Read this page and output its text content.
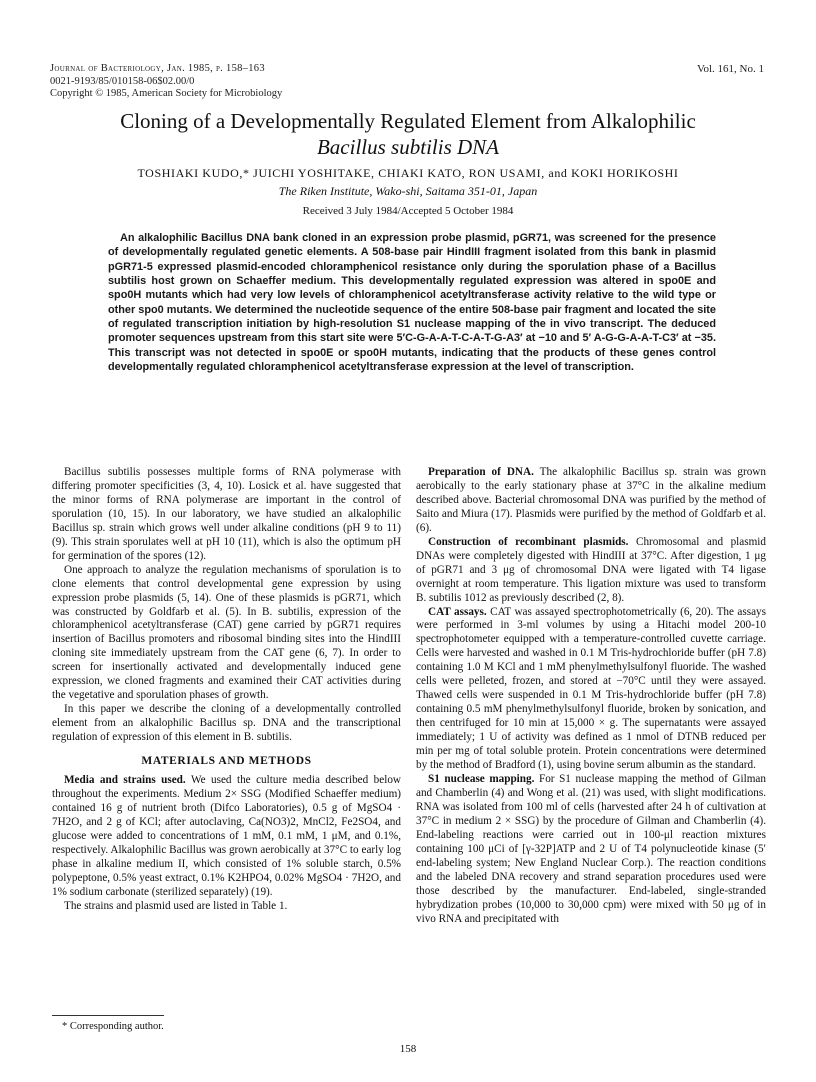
Journal of Bacteriology, Jan. 1985, p. 158–163
0021-9193/85/010158-06$02.00/0
Copyright © 1985, American Society for Microbiology
Vol. 161, No. 1
Cloning of a Developmentally Regulated Element from Alkalophilic
Bacillus subtilis DNA
TOSHIAKI KUDO,* JUICHI YOSHITAKE, CHIAKI KATO, RON USAMI, and KOKI HORIKOSHI
The Riken Institute, Wako-shi, Saitama 351-01, Japan
Received 3 July 1984/Accepted 5 October 1984

An alkalophilic Bacillus DNA bank cloned in an expression probe plasmid, pGR71, was screened for the presence of developmentally regulated genetic elements. A 508-base pair HindIII fragment isolated from this bank in plasmid pGR71-5 expressed plasmid-encoded chloramphenicol resistance only during the sporulation phase of a Bacillus subtilis host grown on Schaeffer medium. This developmentally regulated expression was altered in spo0E and spo0H mutants which had very low levels of chloramphenicol acetyltransferase activity relative to the wild type or other spo0 mutants. We determined the nucleotide sequence of the entire 508-base pair fragment and located the site of regulated transcription initiation by high-resolution S1 nuclease mapping of the in vivo transcript. The deduced promoter sequences upstream from this start site were 5′C-G-A-A-T-C-A-T-G-A3′ at −10 and 5′ A-G-G-A-A-T-C3′ at −35. This transcript was not detected in spo0E or spo0H mutants, indicating that the products of these genes control developmentally regulated chloramphenicol acetyltransferase expression at the level of transcription.

Bacillus subtilis possesses multiple forms of RNA polymerase with differing promoter specificities (3, 4, 10). Losick et al. have suggested that the minor forms of RNA polymerase are important in the control of sporulation (10, 15). In our laboratory, we have studied an alkalophilic Bacillus sp. strain which grows well under alkaline conditions (pH 9 to 11) (9). This strain sporulates well at pH 10 (11), which is also the optimum pH for germination of the spores (12).

One approach to analyze the regulation mechanisms of sporulation is to clone elements that control developmental gene expression by using expression probe plasmids (5, 14). One of these plasmids is pGR71, which was constructed by Goldfarb et al. (5). In B. subtilis, expression of the chloramphenicol acetyltransferase (CAT) gene carried by pGR71 requires insertion of Bacillus promoters and ribosomal binding sites into the HindIII cloning site immediately upstream from the CAT gene (6, 7). In order to screen for insertionally activated and developmentally induced gene expression, we cloned fragments and examined their CAT activities during the vegetative and sporulation phases of growth.

In this paper we describe the cloning of a developmentally controlled element from an alkalophilic Bacillus sp. DNA and the transcriptional regulation of expression of this element in B. subtilis.

MATERIALS AND METHODS

Media and strains used. We used the culture media described below throughout the experiments. Medium 2× SSG (Modified Schaeffer medium) contained 16 g of nutrient broth (Difco Laboratories), 0.5 g of MgSO4 · 7H2O, and 2 g of KCl; after autoclaving, Ca(NO3)2, MnCl2, Fe2SO4, and glucose were added to concentrations of 1 mM, 0.1 mM, 1 μM, and 0.1%, respectively. Alkalophilic Bacillus was grown aerobically at 37°C to early log phase in alkaline medium II, which consisted of 1% soluble starch, 0.5% polypeptone, 0.5% yeast extract, 0.1% K2HPO4, 0.02% MgSO4 · 7H2O, and 1% sodium carbonate (sterilized separately) (19).

The strains and plasmid used are listed in Table 1.

Preparation of DNA. The alkalophilic Bacillus sp. strain was grown aerobically to the early stationary phase at 37°C in the alkaline medium described above. Bacterial chromosomal DNA was purified by the method of Saito and Miura (17). Plasmids were purified by the method of Goldfarb et al. (6).

Construction of recombinant plasmids. Chromosomal and plasmid DNAs were completely digested with HindIII at 37°C. After digestion, 1 μg of pGR71 and 3 μg of chromosomal DNA were ligated with T4 ligase overnight at room temperature. This ligation mixture was used to transform B. subtilis 1012 as previously described (2, 8).

CAT assays. CAT was assayed spectrophotometrically (6, 20). The assays were performed in 3-ml volumes by using a Hitachi model 200-10 spectrophotometer equipped with a temperature-controlled cuvette carriage. Cells were harvested and washed in 0.1 M Tris-hydrochloride buffer (pH 7.8) containing 1.0 M KCl and 1 mM phenylmethylsulfonyl fluoride. The washed cells were pelleted, frozen, and stored at −70°C until they were assayed. Thawed cells were suspended in 0.1 M Tris-hydrochloride buffer (pH 7.8) containing 0.5 mM phenylmethylsulfonyl fluoride, broken by sonication, and then centrifuged for 10 min at 15,000 × g. The supernatants were assayed immediately; 1 U of activity was defined as 1 nmol of DTNB reduced per min per mg of total soluble protein. Protein concentrations were determined by the method of Bradford (1), using bovine serum albumin as the standard.

S1 nuclease mapping. For S1 nuclease mapping the method of Gilman and Chamberlin (4) and Wong et al. (21) was used, with slight modifications. RNA was isolated from 100 ml of cells (harvested after 24 h of cultivation at 37°C in medium 2 × SSG) by the procedure of Gilman and Chamberlin (4). End-labeling reactions were carried out in 100-μl reaction mixtures containing 100 μCi of [γ-32P]ATP and 2 U of T4 polynucleotide kinase (5′ end-labeling system; New England Nuclear Corp.). The reaction conditions and the labeled DNA recovery and strand separation procedures used were those described by the manufacturer. End-labeled, single-stranded hybrydization probes (10,000 to 30,000 cpm) were mixed with 50 μg of in vivo RNA and precipitated with

* Corresponding author.
158
